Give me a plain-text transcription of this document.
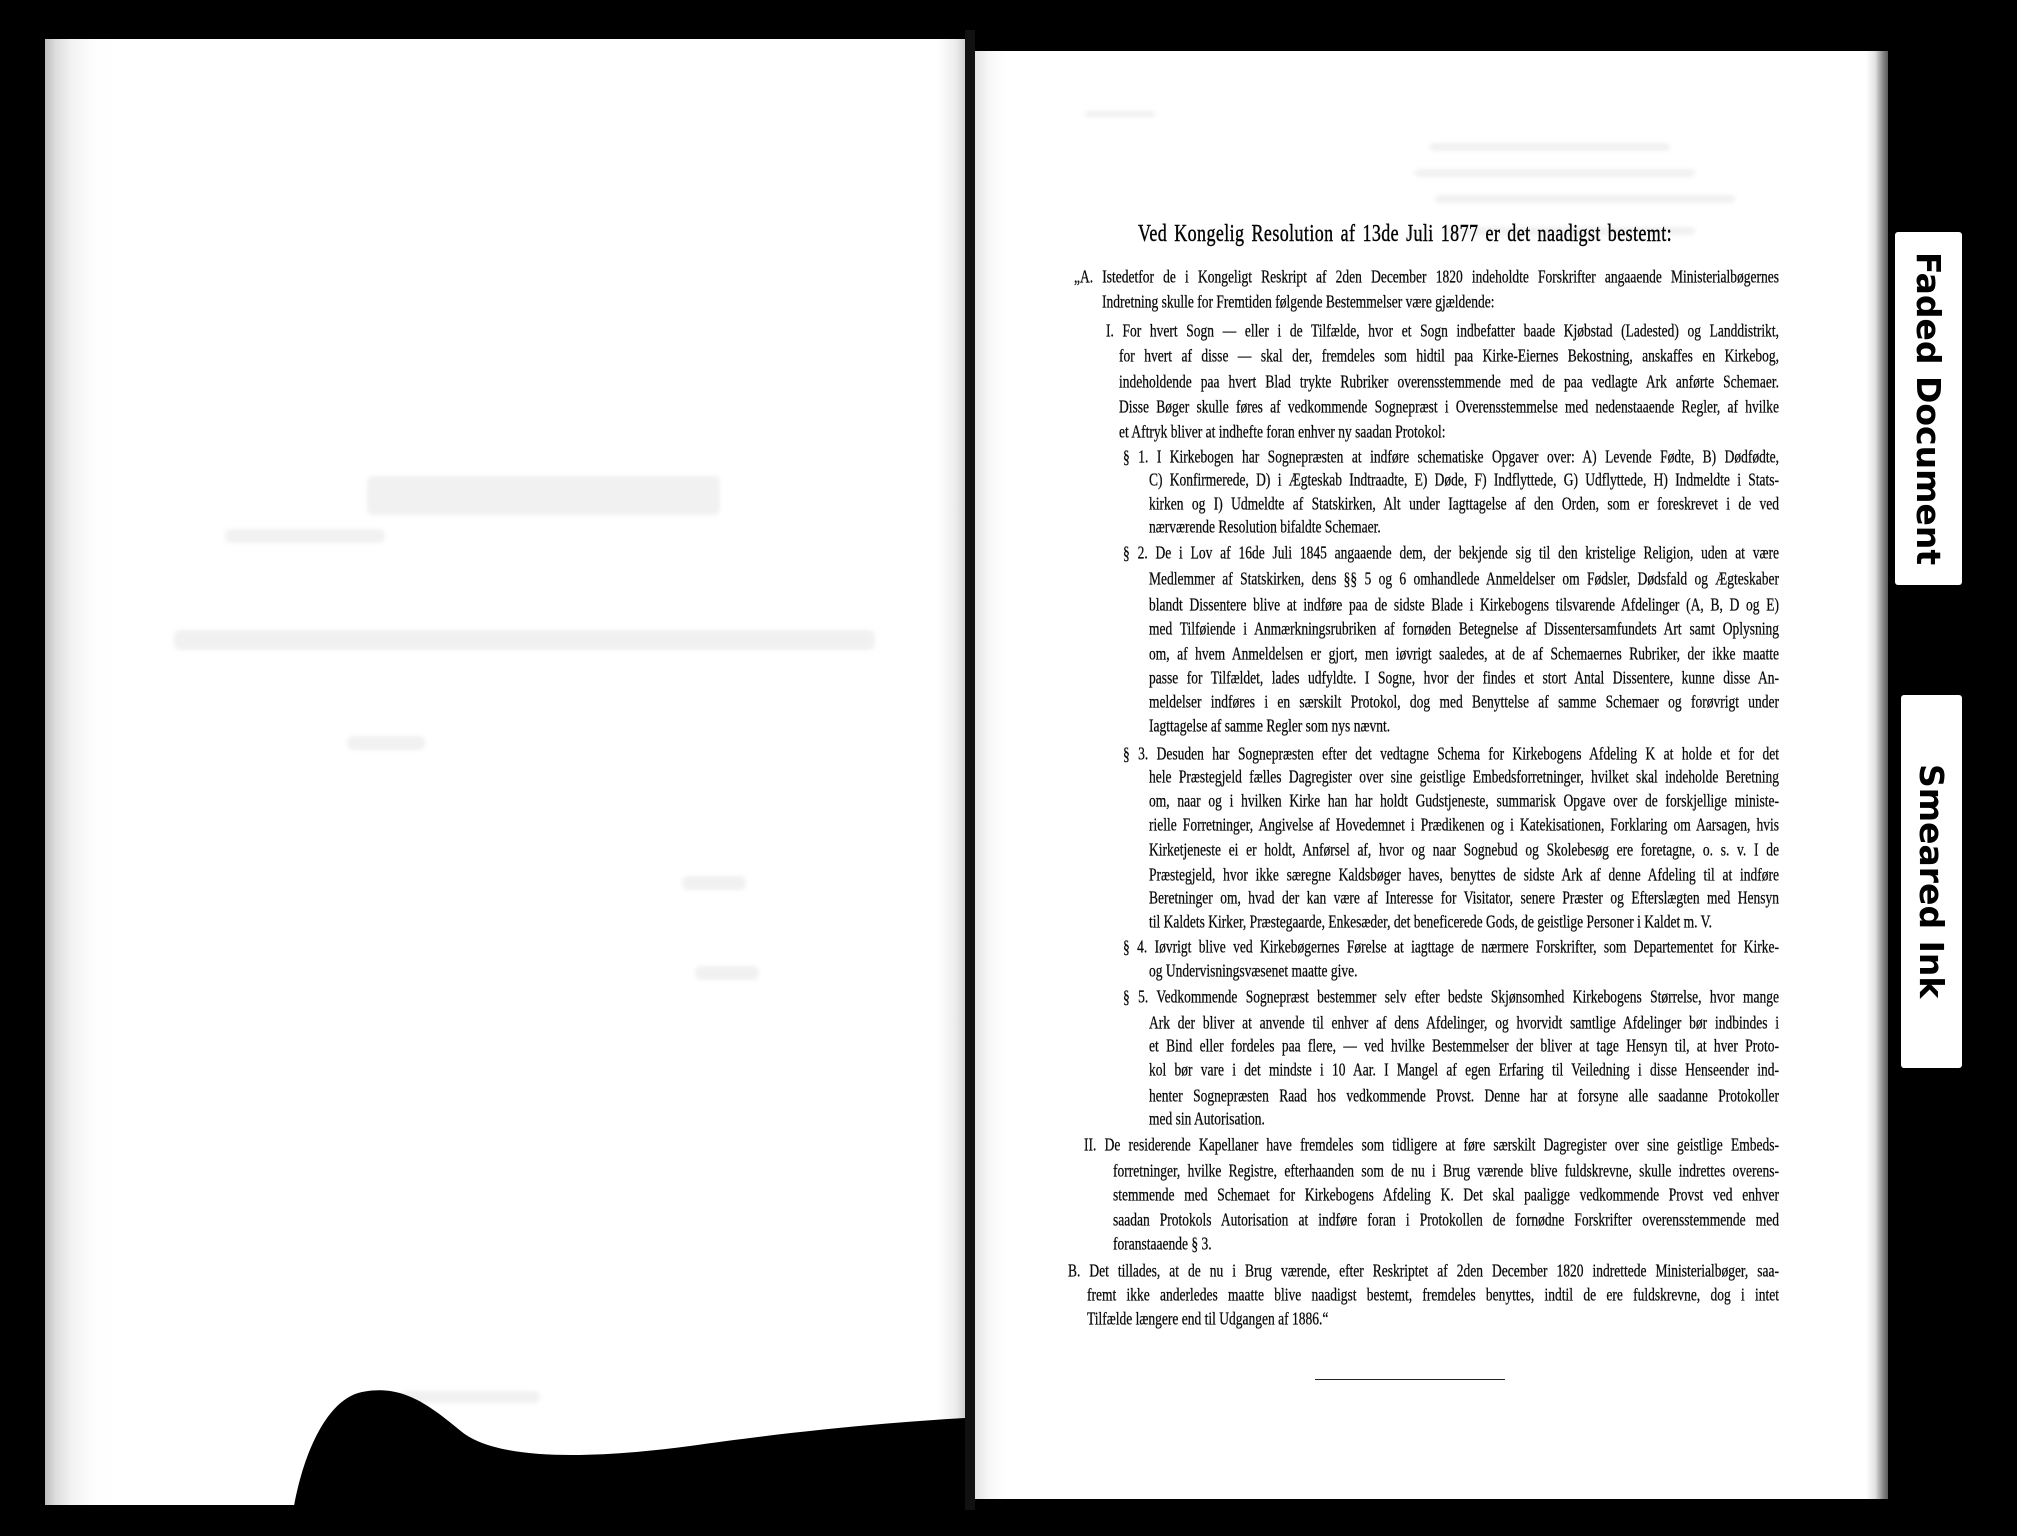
Ved Kongelig Resolution af 13de Juli 1877 er det naadigst bestemt:
„A. Istedetfor de i Kongeligt Reskript af 2den December 1820 indeholdte Forskrifter angaaende Ministerialbøgernes
Indretning skulle for Fremtiden følgende Bestemmelser være gjældende:
I. For hvert Sogn — eller i de Tilfælde, hvor et Sogn indbefatter baade Kjøbstad (Ladested) og Landdistrikt,
for hvert af disse — skal der, fremdeles som hidtil paa Kirke-Eiernes Bekostning, anskaffes en Kirkebog,
indeholdende paa hvert Blad trykte Rubriker overensstemmende med de paa vedlagte Ark anførte Schemaer.
Disse Bøger skulle føres af vedkommende Sognepræst i Overensstemmelse med nedenstaaende Regler, af hvilke
et Aftryk bliver at indhefte foran enhver ny saadan Protokol:
§ 1. I Kirkebogen har Sognepræsten at indføre schematiske Opgaver over: A) Levende Fødte, B) Dødfødte,
C) Konfirmerede, D) i Ægteskab Indtraadte, E) Døde, F) Indflyttede, G) Udflyttede, H) Indmeldte i Stats-
kirken og I) Udmeldte af Statskirken, Alt under Iagttagelse af den Orden, som er foreskrevet i de ved
nærværende Resolution bifaldte Schemaer.
§ 2. De i Lov af 16de Juli 1845 angaaende dem, der bekjende sig til den kristelige Religion, uden at være
Medlemmer af Statskirken, dens §§ 5 og 6 omhandlede Anmeldelser om Fødsler, Dødsfald og Ægteskaber
blandt Dissentere blive at indføre paa de sidste Blade i Kirkebogens tilsvarende Afdelinger (A, B, D og E)
med Tilføiende i Anmærkningsrubriken af fornøden Betegnelse af Dissentersamfundets Art samt Oplysning
om, af hvem Anmeldelsen er gjort, men iøvrigt saaledes, at de af Schemaernes Rubriker, der ikke maatte
passe for Tilfældet, lades udfyldte. I Sogne, hvor der findes et stort Antal Dissentere, kunne disse An-
meldelser indføres i en særskilt Protokol, dog med Benyttelse af samme Schemaer og forøvrigt under
Iagttagelse af samme Regler som nys nævnt.
§ 3. Desuden har Sognepræsten efter det vedtagne Schema for Kirkebogens Afdeling K at holde et for det
hele Præstegjeld fælles Dagregister over sine geistlige Embedsforretninger, hvilket skal indeholde Beretning
om, naar og i hvilken Kirke han har holdt Gudstjeneste, summarisk Opgave over de forskjellige ministe-
rielle Forretninger, Angivelse af Hovedemnet i Prædikenen og i Katekisationen, Forklaring om Aarsagen, hvis
Kirketjeneste ei er holdt, Anførsel af, hvor og naar Sognebud og Skolebesøg ere foretagne, o. s. v. I de
Præstegjeld, hvor ikke særegne Kaldsbøger haves, benyttes de sidste Ark af denne Afdeling til at indføre
Beretninger om, hvad der kan være af Interesse for Visitator, senere Præster og Efterslægten med Hensyn
til Kaldets Kirker, Præstegaarde, Enkesæder, det beneficerede Gods, de geistlige Personer i Kaldet m. V.
§ 4. Iøvrigt blive ved Kirkebøgernes Førelse at iagttage de nærmere Forskrifter, som Departementet for Kirke-
og Undervisningsvæsenet maatte give.
§ 5. Vedkommende Sognepræst bestemmer selv efter bedste Skjønsomhed Kirkebogens Størrelse, hvor mange
Ark der bliver at anvende til enhver af dens Afdelinger, og hvorvidt samtlige Afdelinger bør indbindes i
et Bind eller fordeles paa flere, — ved hvilke Bestemmelser der bliver at tage Hensyn til, at hver Proto-
kol bør vare i det mindste i 10 Aar. I Mangel af egen Erfaring til Veiledning i disse Henseender ind-
henter Sognepræsten Raad hos vedkommende Provst. Denne har at forsyne alle saadanne Protokoller
med sin Autorisation.
II. De residerende Kapellaner have fremdeles som tidligere at føre særskilt Dagregister over sine geistlige Embeds-
forretninger, hvilke Registre, efterhaanden som de nu i Brug værende blive fuldskrevne, skulle indrettes overens-
stemmende med Schemaet for Kirkebogens Afdeling K. Det skal paaligge vedkommende Provst ved enhver
saadan Protokols Autorisation at indføre foran i Protokollen de fornødne Forskrifter overensstemmende med
foranstaaende § 3.
B. Det tillades, at de nu i Brug værende, efter Reskriptet af 2den December 1820 indrettede Ministerialbøger, saa-
fremt ikke anderledes maatte blive naadigst bestemt, fremdeles benyttes, indtil de ere fuldskrevne, dog i intet
Tilfælde længere end til Udgangen af 1886.“
Faded Document
Smeared Ink
